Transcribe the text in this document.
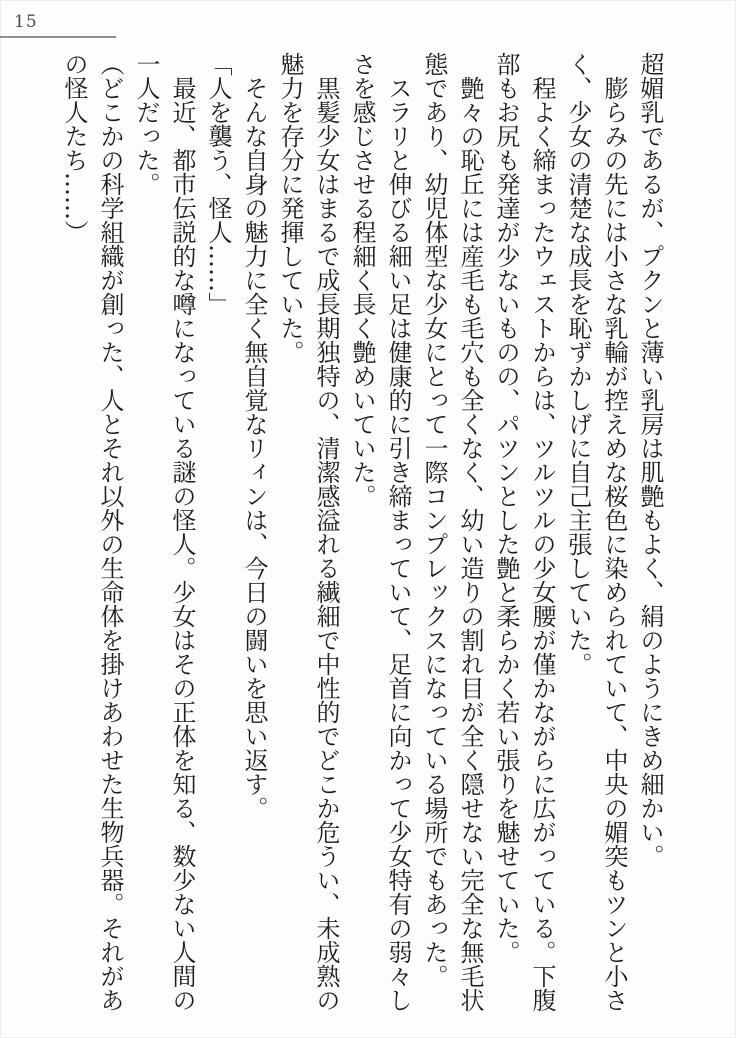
15

超媚乳であるが、プクンと薄い乳房は肌艶もよく、絹のようにきめ細かい。

膨らみの先には小さな乳輪が控えめな桜色に染められていて、中央の媚突もツンと小さく、少女の清楚な成長を恥ずかしげに自己主張していた。

程よく締まったウェストからは、ツルツルの少女腰が僅かながらに広がっている。下腹部もお尻も発達が少ないものの、パツンとした艶と柔らかく若い張りを魅せていた。

艶々の恥丘には産毛も毛穴も全くなく、幼い造りの割れ目が全く隠せない完全な無毛状態であり、幼児体型な少女にとって一際コンプレックスになっている場所でもあった。

スラリと伸びる細い足は健康的に引き締まっていて、足首に向かって少女特有の弱々しさを感じさせる程細く長く艶めいていた。

黒髪少女はまるで成長期独特の、清潔感溢れる繊細で中性的でどこか危うい、未成熟の魅力を存分に発揮していた。

そんな自身の魅力に全く無自覚なリィンは、今日の闘いを思い返す。

「人を襲う、怪人……」

最近、都市伝説的な噂になっている謎の怪人。少女はその正体を知る、数少ない人間の一人だった。

（どこかの科学組織が創った、人とそれ以外の生命体を掛けあわせた生物兵器。それがあの怪人たち……）
